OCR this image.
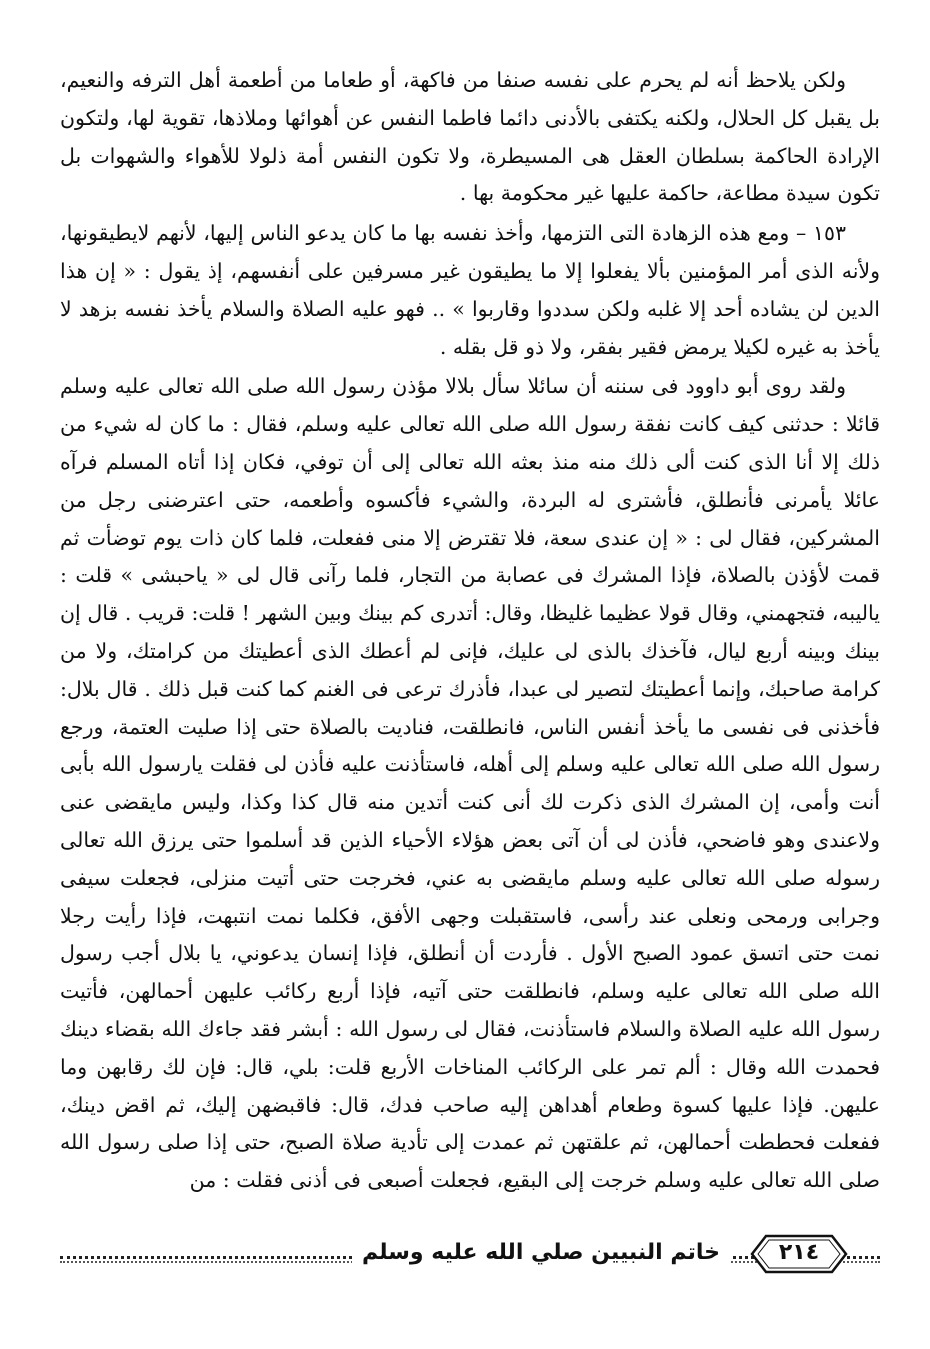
ولكن يلاحظ أنه لم يحرم على نفسه صنفا من فاكهة، أو طعاما من أطعمة أهل الترفه والنعيم، بل يقبل كل الحلال، ولكنه يكتفى بالأدنى دائما فاطما النفس عن أهوائها وملاذها، تقوية لها، ولتكون الإرادة الحاكمة بسلطان العقل هى المسيطرة، ولا تكون النفس أمة ذلولا للأهواء والشهوات بل تكون سيدة مطاعة، حاكمة عليها غير محكومة بها .

١٥٣ – ومع هذه الزهادة التى التزمها، وأخذ نفسه بها ما كان يدعو الناس إليها، لأنهم لايطيقونها، ولأنه الذى أمر المؤمنين بألا يفعلوا إلا ما يطيقون غير مسرفين على أنفسهم، إذ يقول : « إن هذا الدين لن يشاده أحد إلا غلبه ولكن سددوا وقاربوا » .. فهو عليه الصلاة والسلام يأخذ نفسه بزهد لا يأخذ به غيره لكيلا يرمض فقير بفقر، ولا ذو قل بقله .

ولقد روى أبو داوود فى سننه أن سائلا سأل بلالا مؤذن رسول الله صلى الله تعالى عليه وسلم قائلا : حدثنى كيف كانت نفقة رسول الله صلى الله تعالى عليه وسلم، فقال : ما كان له شيء من ذلك إلا أنا الذى كنت ألى ذلك منه منذ بعثه الله تعالى إلى أن توفي، فكان إذا أتاه المسلم فرآه عائلا يأمرنى فأنطلق، فأشترى له البردة، والشيء فأكسوه وأطعمه، حتى اعترضنى رجل من المشركين، فقال لى : « إن عندى سعة، فلا تقترض إلا منى ففعلت، فلما كان ذات يوم توضأت ثم قمت لأؤذن بالصلاة، فإذا المشرك فى عصابة من التجار، فلما رآنى قال لى « ياحبشى » قلت : ياليبه، فتجهمني، وقال قولا عظيما غليظا، وقال: أتدرى كم بينك وبين الشهر ! قلت: قريب . قال إن بينك وبينه أربع ليال، فآخذك بالذى لى عليك، فإنى لم أعطك الذى أعطيتك من كرامتك، ولا من كرامة صاحبك، وإنما أعطيتك لتصير لى عبدا، فأذرك ترعى فى الغنم كما كنت قبل ذلك . قال بلال: فأخذنى فى نفسى ما يأخذ أنفس الناس، فانطلقت، فناديت بالصلاة حتى إذا صليت العتمة، ورجع رسول الله صلى الله تعالى عليه وسلم إلى أهله، فاستأذنت عليه فأذن لى فقلت يارسول الله بأبى أنت وأمى، إن المشرك الذى ذكرت لك أنى كنت أتدين منه قال كذا وكذا، وليس مايقضى عنى ولاعندى وهو فاضحي، فأذن لى أن آتى بعض هؤلاء الأحياء الذين قد أسلموا حتى يرزق الله تعالى رسوله صلى الله تعالى عليه وسلم مايقضى به عني، فخرجت حتى أتيت منزلى، فجعلت سيفى وجرابى ورمحى ونعلى عند رأسى، فاستقبلت وجهى الأفق، فكلما نمت انتبهت، فإذا رأيت رجلا نمت حتى اتسق عمود الصبح الأول . فأردت أن أنطلق، فإذا إنسان يدعوني، يا بلال أجب رسول الله صلى الله تعالى عليه وسلم، فانطلقت حتى آتيه، فإذا أربع ركائب عليهن أحمالهن، فأتيت رسول الله عليه الصلاة والسلام فاستأذنت، فقال لى رسول الله : أبشر فقد جاءك الله بقضاء دينك فحمدت الله وقال : ألم تمر على الركائب المناخات الأربع قلت: بلي، قال: فإن لك رقابهن وما عليهن. فإذا عليها كسوة وطعام أهداهن إليه صاحب فدك، قال: فاقبضهن إليك، ثم اقض دينك، ففعلت فحططت أحمالهن، ثم علقتهن ثم عمدت إلى تأدية صلاة الصبح، حتى إذا صلى رسول الله صلى الله تعالى عليه وسلم خرجت إلى البقيع، فجعلت أصبعى فى أذنى فقلت : من

٢١٤
خاتم النبيين صلي الله عليه وسلم
